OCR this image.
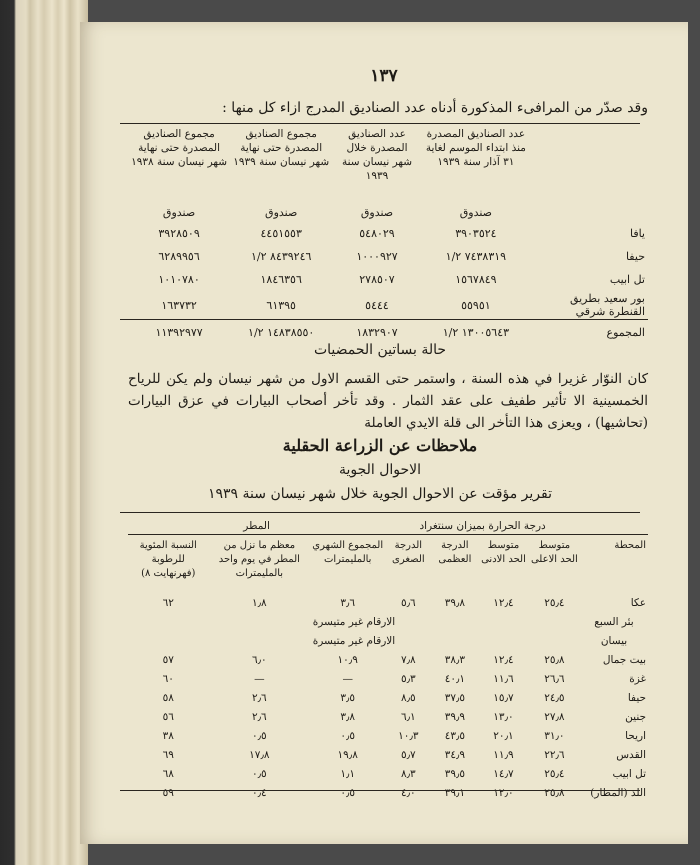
١٣٧
وقد صدّر من المرافىء المذكورة أدناه عدد الصناديق المدرج ازاء كل منها :
	عدد الصناديق المصدرة منذ ابتداء الموسم لغاية ٣١ آذار سنة ١٩٣٩	عدد الصناديق المصدرة خلال شهر نيسان سنة ١٩٣٩	مجموع الصناديق المصدرة حتى نهاية شهر نيسان سنة ١٩٣٩	مجموع الصناديق المصدرة حتى نهاية شهر نيسان سنة ١٩٣٨
	صندوق	صندوق	صندوق	صندوق
يافا	٣٩٠٣٥٢٤	٥٤٨٠٢٩	٤٤٥١٥٥٣	٣٩٢٨٥٠٩
حيفا	٧٤٣٨٣١٩ ١/٢	١٠٠٠٩٢٧	٨٤٣٩٢٤٦ ١/٢	٦٢٨٩٩٥٦
تل ابيب	١٥٦٧٨٤٩	٢٧٨٥٠٧	١٨٤٦٣٥٦	١٠١٠٧٨٠
بور سعيد بطريق القنطرة شرقي	٥٥٩٥١	٥٤٤٤	٦١٣٩٥	١٦٣٧٣٢
المجموع	١٣٠٠٥٦٤٣ ١/٢	١٨٣٢٩٠٧	١٤٨٣٨٥٥٠ ١/٢	١١٣٩٢٩٧٧
حالة بساتين الحمضيات
كان النوّار غزيرا في هذه السنة ، واستمر حتى القسم الاول من شهر نيسان ولم يكن للرياح الخمسينية الا تأثير طفيف على عقد الثمار . وقد تأخر أصحاب البيارات في عزق البيارات (تحاشيها) ، ويعزى هذا التأخر الى قلة الايدي العاملة
ملاحظات عن الزراعة الحقلية
الاحوال الجوية
تقرير مؤقت عن الاحوال الجوية خلال شهر نيسان سنة ١٩٣٩
	درجة الحرارة بميزان سنتغراد				المطر		
المحطة	متوسط الحد الاعلى	متوسط الحد الادنى	الدرجة العظمى	الدرجة الصغرى	المجموع الشهري بالمليمترات	معظم ما نزل من المطر في يوم واحد بالمليمترات	النسبة المئوية للرطوبة (فهرنهايت ٨)
عكا	٢٥٫٤	١٢٫٤	٣٩٫٨	٥٫٦	٣٫٦	١٫٨	٦٢
بئر السبع	الارقام غير متيسرة						
بيسان	الارقام غير متيسرة						
بيت جمال	٢٥٫٨	١٢٫٤	٣٨٫٣	٧٫٨	١٠٫٩	٦٫٠	٥٧
غزة	٢٦٫٦	١١٫٦	٤٠٫١	٥٫٣	—	—	٦٠
حيفا	٢٤٫٥	١٥٫٧	٣٧٫٥	٨٫٥	٣٫٥	٢٫٦	٥٨
جنين	٢٧٫٨	١٣٫٠	٣٩٫٩	٦٫١	٣٫٨	٢٫٦	٥٦
اريحا	٣١٫٠	٢٠٫١	٤٣٫٥	١٠٫٣	٠٫٥	٠٫٥	٣٨
القدس	٢٢٫٦	١١٫٩	٣٤٫٩	٥٫٧	١٩٫٨	١٧٫٨	٦٩
تل ابيب	٢٥٫٤	١٤٫٧	٣٩٫٥	٨٫٣	١٫١	٠٫٥	٦٨
اللد (المطار)	٢٥٫٨	١٢٫٠	٣٩٫١	٤٫٠	٠٫٥	٠٫٤	٥٩
